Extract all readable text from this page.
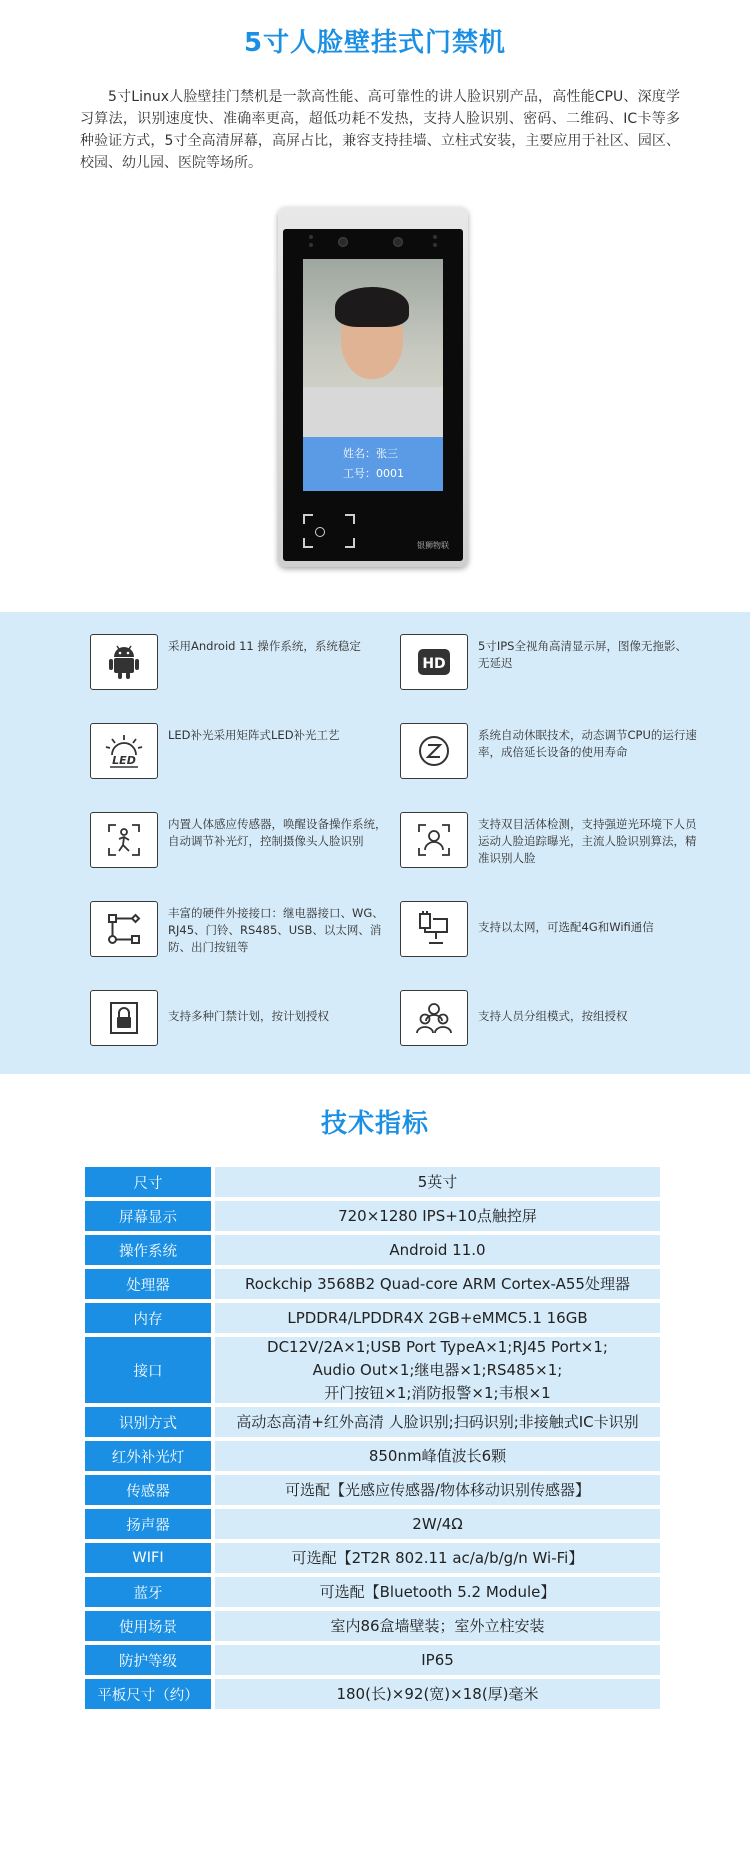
5寸人脸壁挂式门禁机
5寸Linux人脸壁挂门禁机是一款高性能、高可靠性的讲人脸识别产品，高性能CPU、深度学习算法，识别速度快、准确率更高，超低功耗不发热，支持人脸识别、密码、二维码、IC卡等多种验证方式，5寸全高清屏幕，高屏占比，兼容支持挂墙、立柱式安装，主要应用于社区、园区、校园、幼儿园、医院等场所。
姓名：张三
工号：0001
银狮物联
采用Android 11 操作系统，系统稳定
HD
5寸IPS全视角高清显示屏，图像无拖影、无延迟
LED
LED补光采用矩阵式LED补光工艺	系统自动休眠技术，动态调节CPU的运行速率，成倍延长设备的使用寿命
内置人体感应传感器，唤醒设备操作系统，自动调节补光灯，控制摄像头人脸识别
支持双目活体检测，支持强逆光环境下人员运动人脸追踪曝光，主流人脸识别算法，精准识别人脸
丰富的硬件外接接口：继电器接口、WG、RJ45、门铃、RS485、USB、以太网、消防、出门按钮等
支持以太网，可选配4G和Wifi通信
支持多种门禁计划，按计划授权	支持人员分组模式，按组授权
技术指标
尺寸	5英寸
屏幕显示	720×1280 IPS+10点触控屏
操作系统	Android 11.0
处理器	Rockchip 3568B2 Quad-core ARM Cortex-A55处理器
内存	LPDDR4/LPDDR4X 2GB+eMMC5.1 16GB
接口
DC12V/2A×1;USB Port TypeA×1;RJ45 Port×1;
Audio Out×1;继电器×1;RS485×1;
开门按钮×1;消防报警×1;韦根×1
识别方式	高动态高清+红外高清 人脸识别;扫码识别;非接触式IC卡识别
红外补光灯	850nm峰值波长6颗
传感器	可选配【光感应传感器/物体移动识别传感器】
扬声器	2W/4Ω
WIFI	可选配【2T2R 802.11 ac/a/b/g/n Wi-Fi】
蓝牙	可选配【Bluetooth 5.2 Module】
使用场景	室内86盒墙壁装；室外立柱安装
防护等级	IP65
平板尺寸（约）	180(长)×92(宽)×18(厚)毫米
